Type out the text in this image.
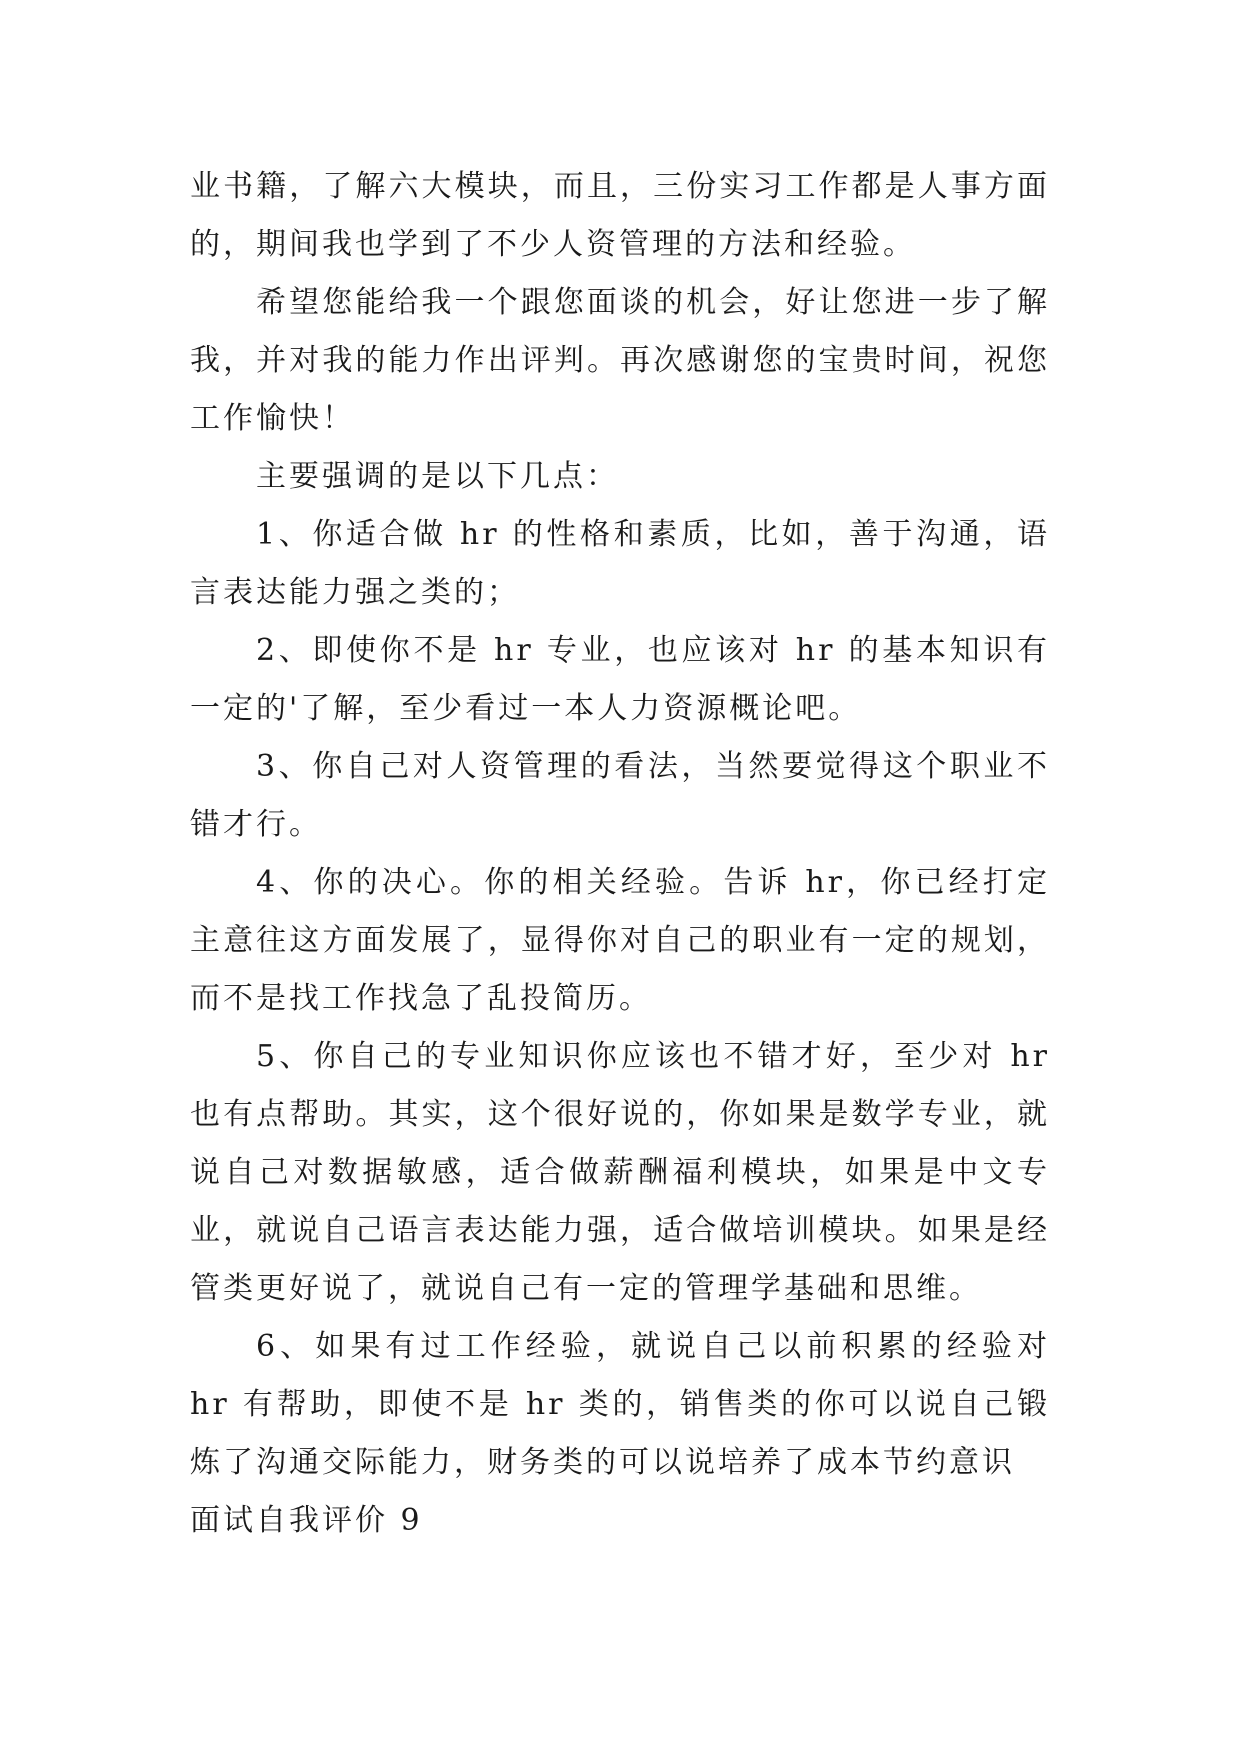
业书籍，了解六大模块，而且，三份实习工作都是人事方面的，期间我也学到了不少人资管理的方法和经验。

希望您能给我一个跟您面谈的机会，好让您进一步了解我，并对我的能力作出评判。再次感谢您的宝贵时间，祝您工作愉快！

主要强调的是以下几点：

1、你适合做 hr 的性格和素质，比如，善于沟通，语言表达能力强之类的；

2、即使你不是 hr 专业，也应该对 hr 的基本知识有一定的'了解，至少看过一本人力资源概论吧。

3、你自己对人资管理的看法，当然要觉得这个职业不错才行。

4、你的决心。你的相关经验。告诉 hr，你已经打定主意往这方面发展了，显得你对自己的职业有一定的规划，而不是找工作找急了乱投简历。

5、你自己的专业知识你应该也不错才好，至少对 hr 也有点帮助。其实，这个很好说的，你如果是数学专业，就说自己对数据敏感，适合做薪酬福利模块，如果是中文专业，就说自己语言表达能力强，适合做培训模块。如果是经管类更好说了，就说自己有一定的管理学基础和思维。

6、如果有过工作经验，就说自己以前积累的经验对 hr 有帮助，即使不是 hr 类的，销售类的你可以说自己锻炼了沟通交际能力，财务类的可以说培养了成本节约意识

面试自我评价 9
